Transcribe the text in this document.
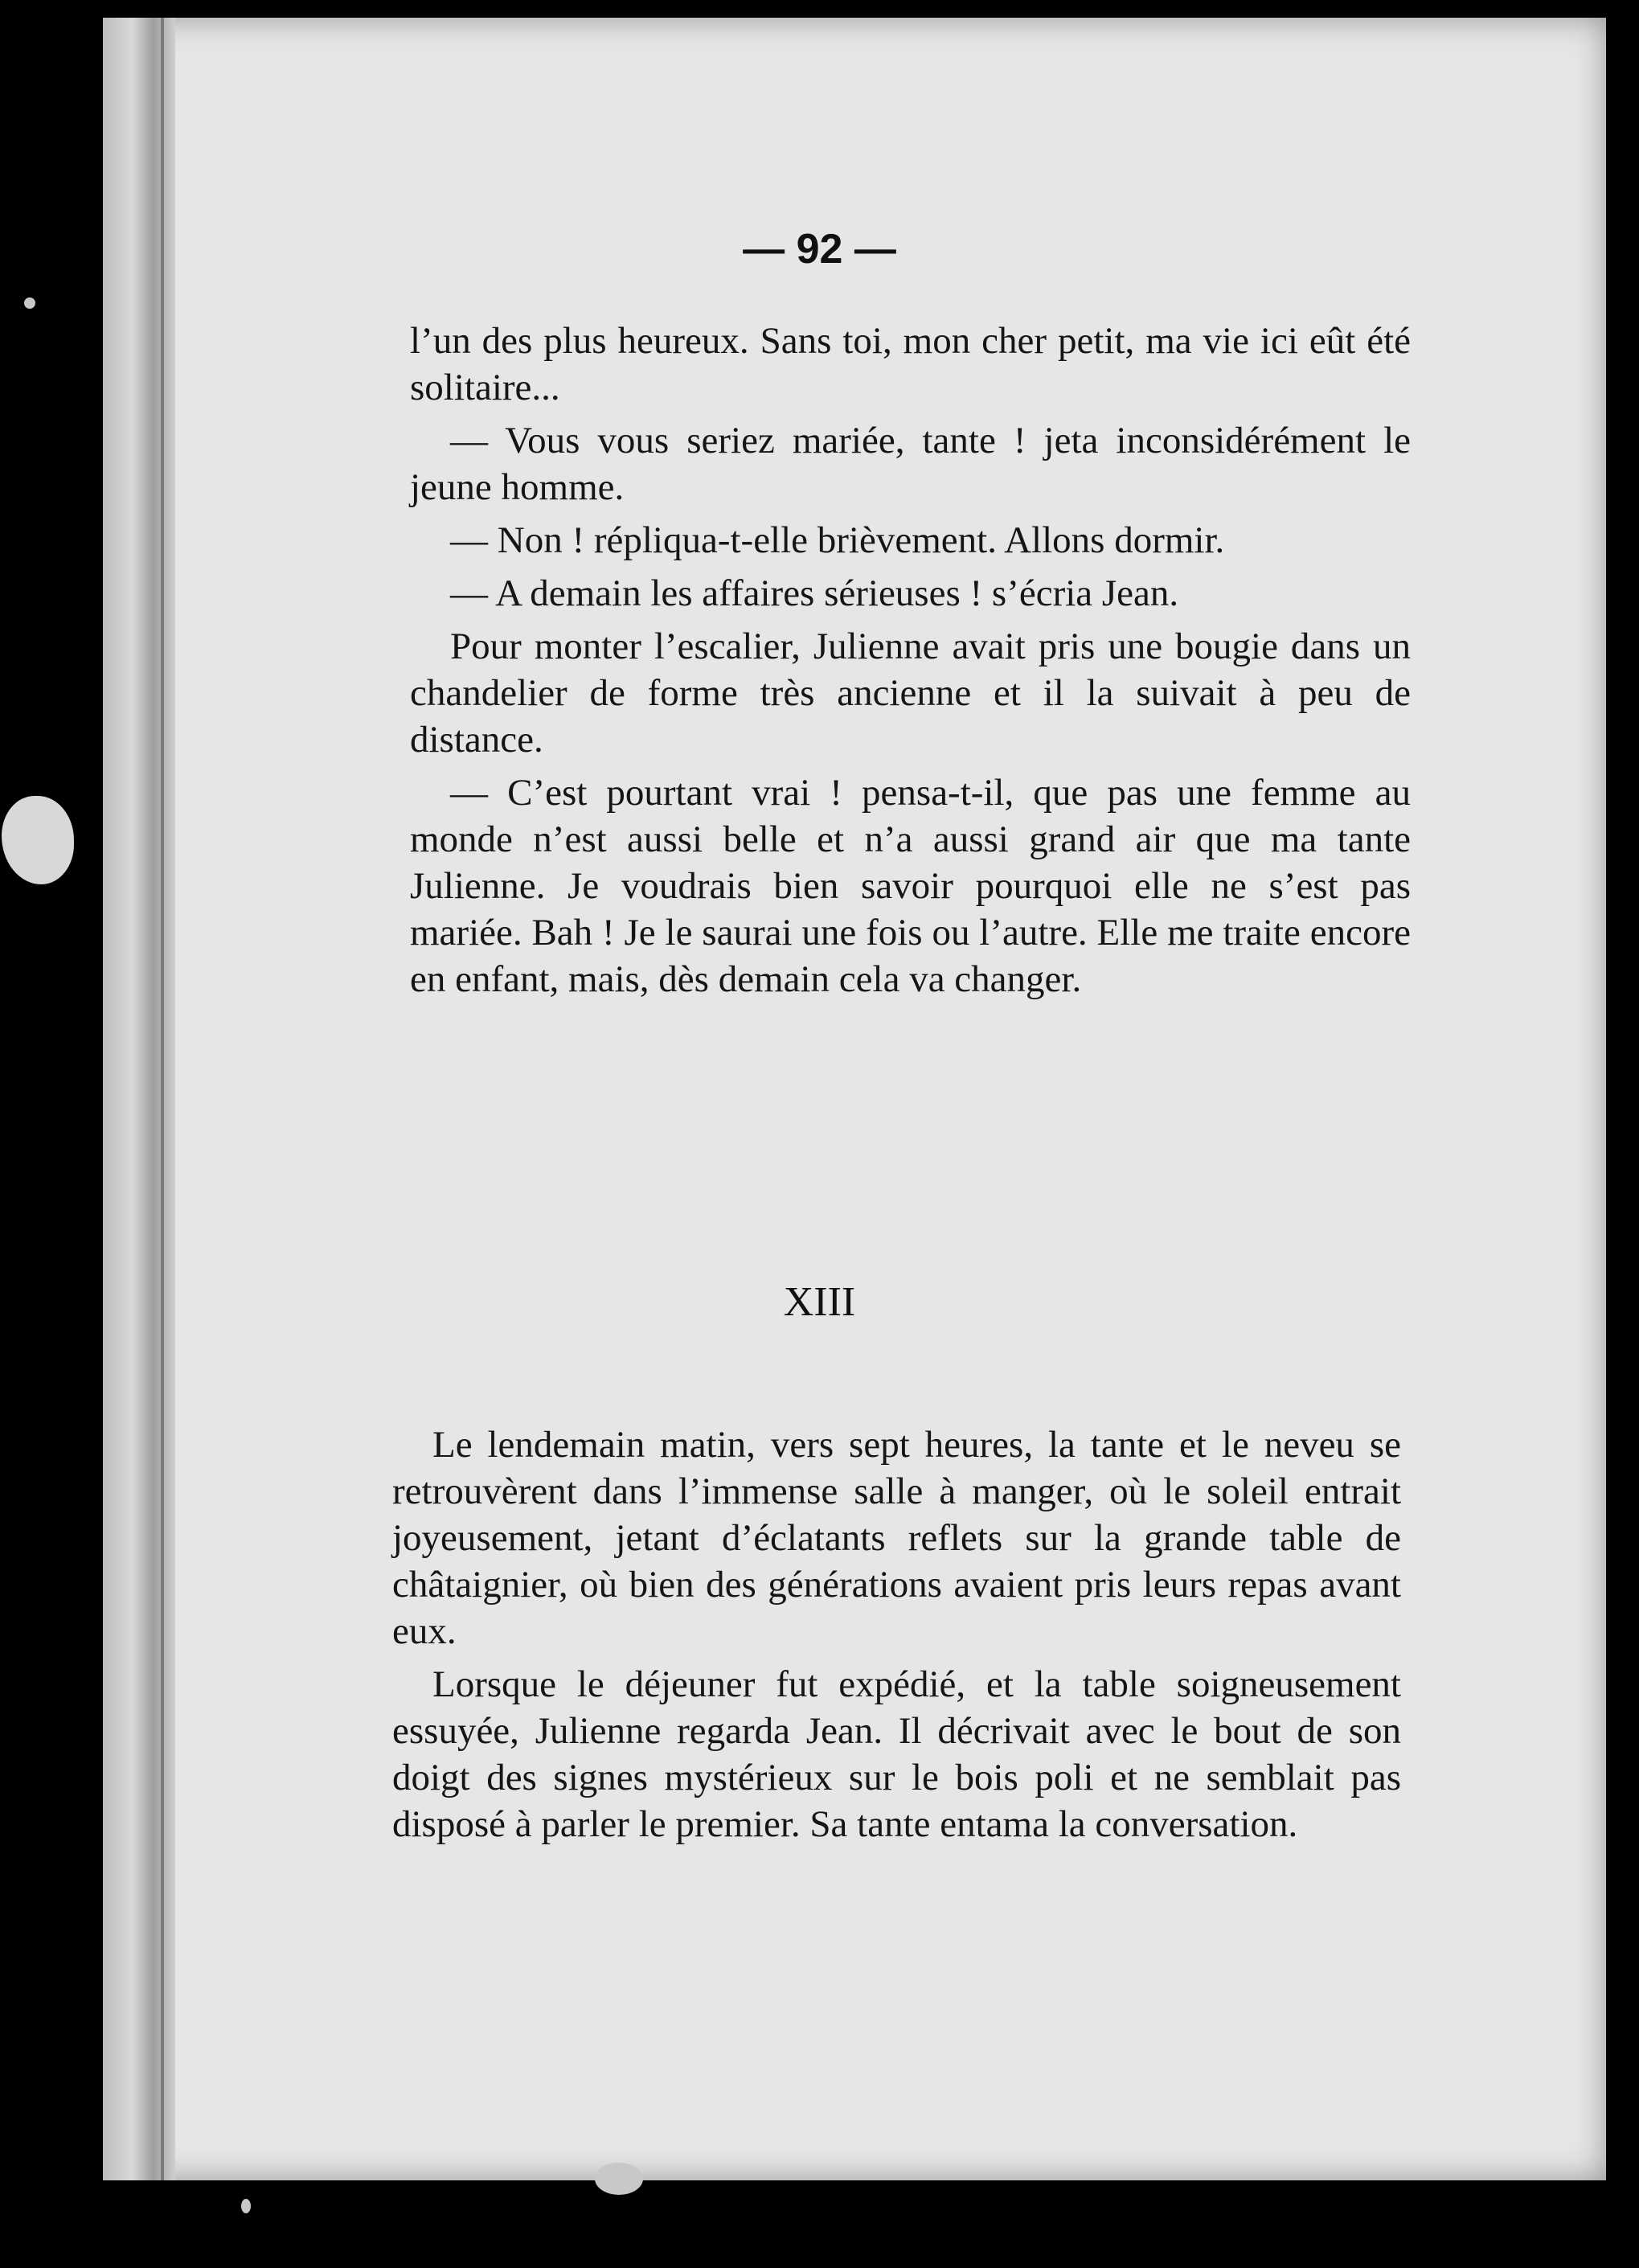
— 92 —

l’un des plus heureux. Sans toi, mon cher petit, ma vie ici eût été solitaire...

— Vous vous seriez mariée, tante ! jeta inconsidérément le jeune homme.

— Non ! répliqua-t-elle brièvement. Allons dormir.

— A demain les affaires sérieuses ! s’écria Jean.

Pour monter l’escalier, Julienne avait pris une bougie dans un chandelier de forme très ancienne et il la suivait à peu de distance.

— C’est pourtant vrai ! pensa-t-il, que pas une femme au monde n’est aussi belle et n’a aussi grand air que ma tante Julienne. Je voudrais bien savoir pourquoi elle ne s’est pas mariée. Bah ! Je le saurai une fois ou l’autre. Elle me traite encore en enfant, mais, dès demain cela va changer.

XIII

Le lendemain matin, vers sept heures, la tante et le neveu se retrouvèrent dans l’immense salle à manger, où le soleil entrait joyeusement, jetant d’éclatants reflets sur la grande table de châtaignier, où bien des générations avaient pris leurs repas avant eux.

Lorsque le déjeuner fut expédié, et la table soigneusement essuyée, Julienne regarda Jean. Il décrivait avec le bout de son doigt des signes mystérieux sur le bois poli et ne semblait pas disposé à parler le premier. Sa tante entama la conversation.
